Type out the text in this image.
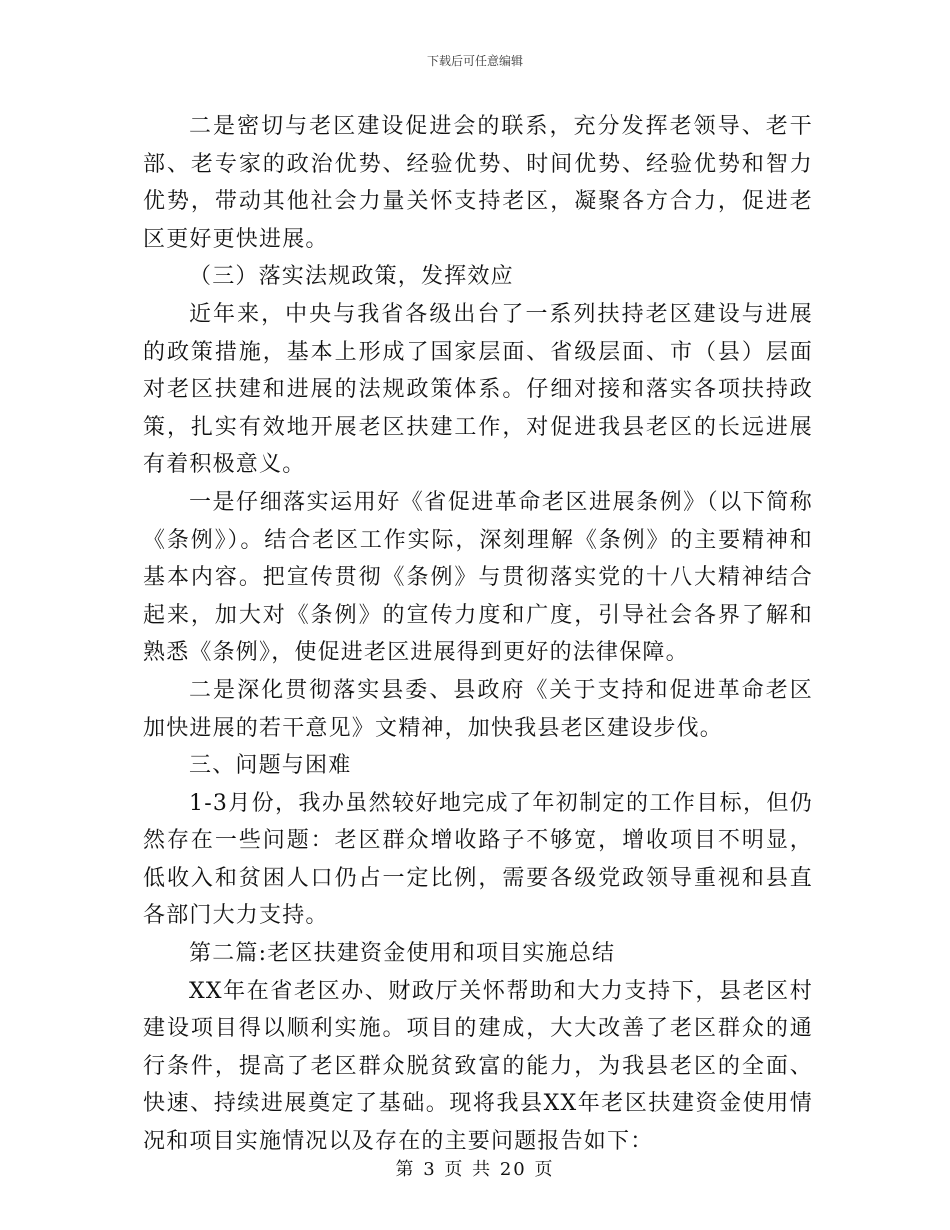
下载后可任意编辑

二是密切与老区建设促进会的联系，充分发挥老领导、老干部、老专家的政治优势、经验优势、时间优势、经验优势和智力优势，带动其他社会力量关怀支持老区，凝聚各方合力，促进老区更好更快进展。

（三）落实法规政策，发挥效应

近年来，中央与我省各级出台了一系列扶持老区建设与进展的政策措施，基本上形成了国家层面、省级层面、市（县）层面对老区扶建和进展的法规政策体系。仔细对接和落实各项扶持政策，扎实有效地开展老区扶建工作，对促进我县老区的长远进展有着积极意义。

一是仔细落实运用好《省促进革命老区进展条例》（以下简称《条例》）。结合老区工作实际，深刻理解《条例》的主要精神和基本内容。把宣传贯彻《条例》与贯彻落实党的十八大精神结合起来，加大对《条例》的宣传力度和广度，引导社会各界了解和熟悉《条例》，使促进老区进展得到更好的法律保障。

二是深化贯彻落实县委、县政府《关于支持和促进革命老区加快进展的若干意见》文精神，加快我县老区建设步伐。

三、问题与困难

1-3月份，我办虽然较好地完成了年初制定的工作目标，但仍然存在一些问题：老区群众增收路子不够宽，增收项目不明显，低收入和贫困人口仍占一定比例，需要各级党政领导重视和县直各部门大力支持。

第二篇:老区扶建资金使用和项目实施总结

XX年在省老区办、财政厅关怀帮助和大力支持下，县老区村建设项目得以顺利实施。项目的建成，大大改善了老区群众的通行条件，提高了老区群众脱贫致富的能力，为我县老区的全面、快速、持续进展奠定了基础。现将我县XX年老区扶建资金使用情况和项目实施情况以及存在的主要问题报告如下：

第 3 页 共 20 页
